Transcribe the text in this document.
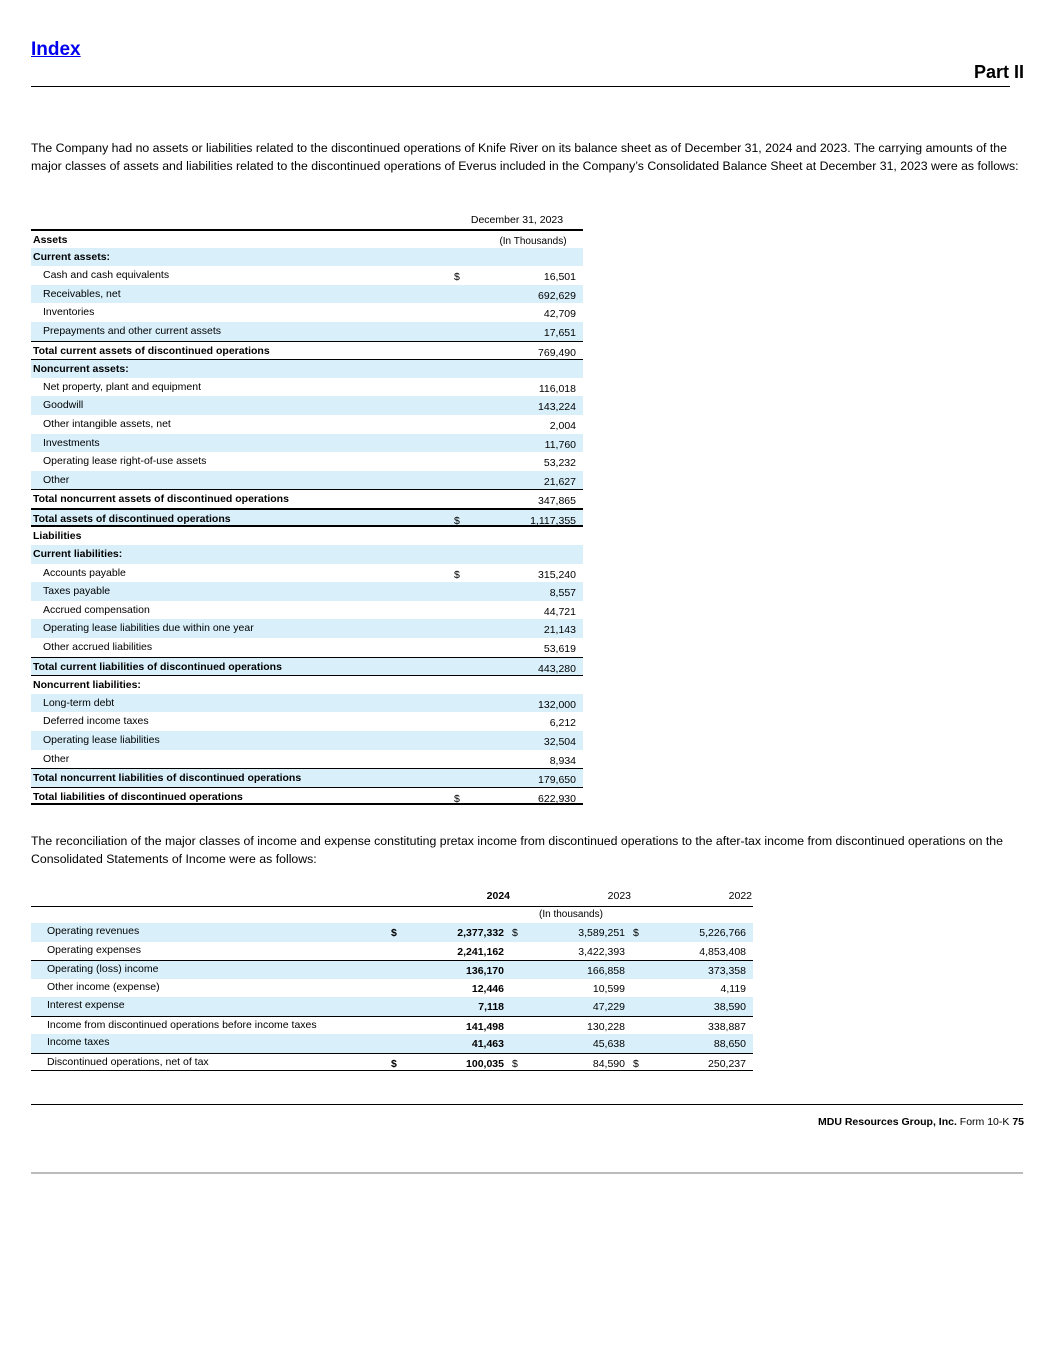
Index
Part II
The Company had no assets or liabilities related to the discontinued operations of Knife River on its balance sheet as of December 31, 2024 and 2023. The carrying amounts of the major classes of assets and liabilities related to the discontinued operations of Everus included in the Company’s Consolidated Balance Sheet at December 31, 2023 were as follows:
December 31, 2023
Assets	(In Thousands)
Current assets:
Cash and cash equivalents	$	16,501
Receivables, net	692,629
Inventories	42,709
Prepayments and other current assets	17,651
Total current assets of discontinued operations	769,490
Noncurrent assets:
Net property, plant and equipment	116,018
Goodwill	143,224
Other intangible assets, net	2,004
Investments	11,760
Operating lease right-of-use assets	53,232
Other	21,627
Total noncurrent assets of discontinued operations	347,865
Total assets of discontinued operations	$	1,117,355
Liabilities
Current liabilities:
Accounts payable	$	315,240
Taxes payable	8,557
Accrued compensation	44,721
Operating lease liabilities due within one year	21,143
Other accrued liabilities	53,619
Total current liabilities of discontinued operations	443,280
Noncurrent liabilities:
Long-term debt	132,000
Deferred income taxes	6,212
Operating lease liabilities	32,504
Other	8,934
Total noncurrent liabilities of discontinued operations	179,650
Total liabilities of discontinued operations	$	622,930
The reconciliation of the major classes of income and expense constituting pretax income from discontinued operations to the after-tax income from discontinued operations on the Consolidated Statements of Income were as follows:
2024	2023	2022
(In thousands)
Operating revenues	$	2,377,332 $	3,589,251 $	5,226,766
Operating expenses	2,241,162	3,422,393	4,853,408
Operating (loss) income	136,170	166,858	373,358
Other income (expense)	12,446	10,599	4,119
Interest expense	7,118	47,229	38,590
Income from discontinued operations before income taxes	141,498	130,228	338,887
Income taxes	41,463	45,638	88,650
Discontinued operations, net of tax	$	100,035 $	84,590 $	250,237
MDU Resources Group, Inc. Form 10-K 75
